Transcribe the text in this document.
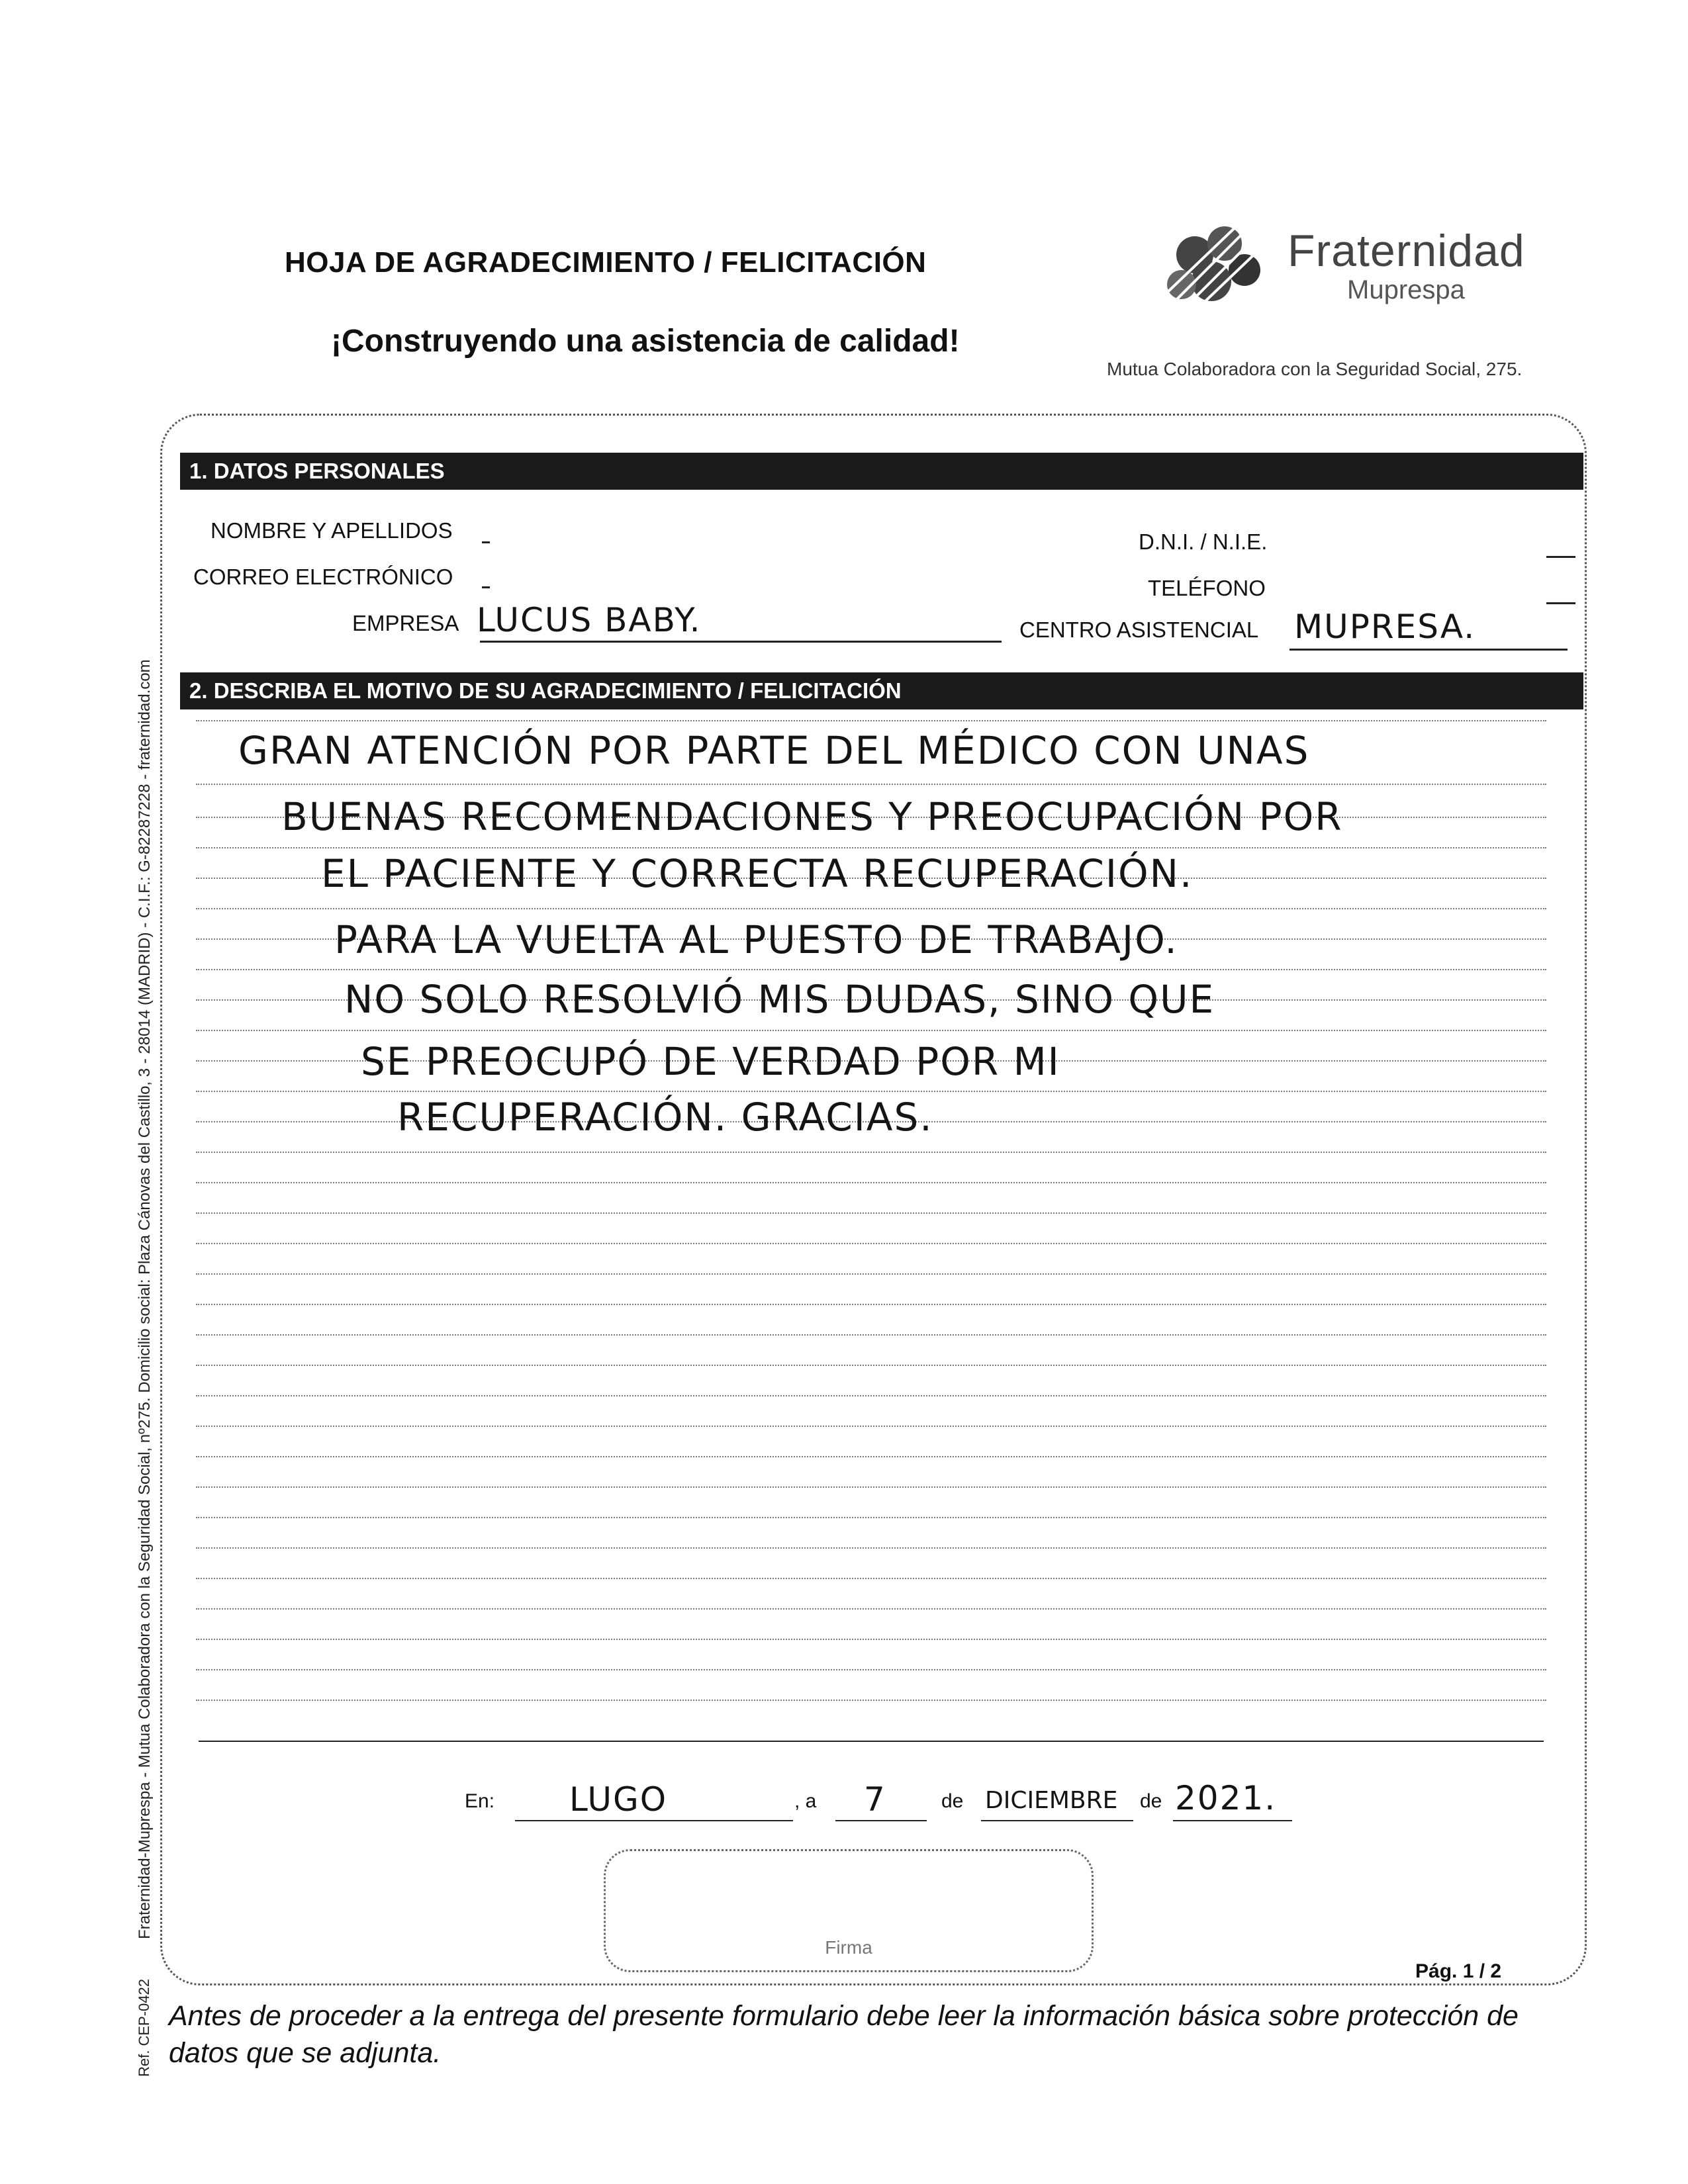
HOJA DE AGRADECIMIENTO / FELICITACIÓN
¡Construyendo una asistencia de calidad!
Fraternidad
Muprespa
Mutua Colaboradora con la Seguridad Social, 275.
Fraternidad-Muprespa - Mutua Colaboradora con la Seguridad Social, nº275. Domicilio social: Plaza Cánovas del Castillo, 3 - 28014 (MADRID) - C.I.F.: G-82287228 - fraternidad.com
Ref. CEP-0422
1. DATOS PERSONALES
NOMBRE Y APELLIDOS
CORREO ELECTRÓNICO
EMPRESA LUCUS BABY.
D.N.I. / N.I.E.
TELÉFONO
CENTRO ASISTENCIAL MUPRESA.
2. DESCRIBA EL MOTIVO DE SU AGRADECIMIENTO / FELICITACIÓN
GRAN ATENCIÓN POR PARTE DEL MÉDICO CON UNAS
BUENAS RECOMENDACIONES Y PREOCUPACIÓN POR
EL PACIENTE Y CORRECTA RECUPERACIÓN.
PARA LA VUELTA AL PUESTO DE TRABAJO.
NO SOLO RESOLVIÓ MIS DUDAS, SINO QUE
SE PREOCUPÓ DE VERDAD POR MI
RECUPERACIÓN. GRACIAS.
En: LUGO	, a 7	de DICIEMBRE de 2021.
Firma
Pág. 1 / 2
Antes de proceder a la entrega del presente formulario debe leer la información básica sobre protección de datos que se adjunta.
